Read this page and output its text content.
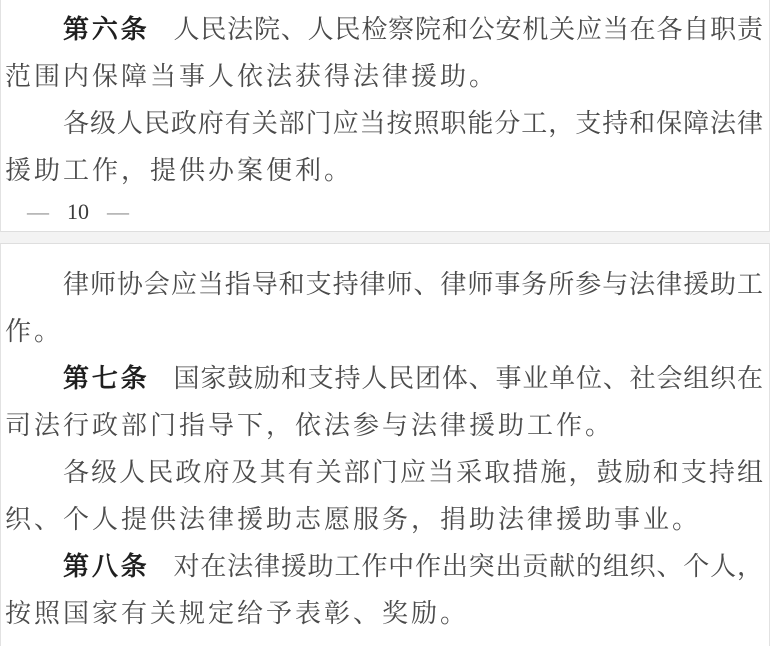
第六条 人民法院、人民检察院和公安机关应当在各自职责
范围内保障当事人依法获得法律援助。
各级人民政府有关部门应当按照职能分工，支持和保障法律
援助工作，提供办案便利。
— 10 —
律师协会应当指导和支持律师、律师事务所参与法律援助工
作。
第七条 国家鼓励和支持人民团体、事业单位、社会组织在
司法行政部门指导下，依法参与法律援助工作。
各级人民政府及其有关部门应当采取措施，鼓励和支持组
织、个人提供法律援助志愿服务，捐助法律援助事业。
第八条 对在法律援助工作中作出突出贡献的组织、个人，
按照国家有关规定给予表彰、奖励。
